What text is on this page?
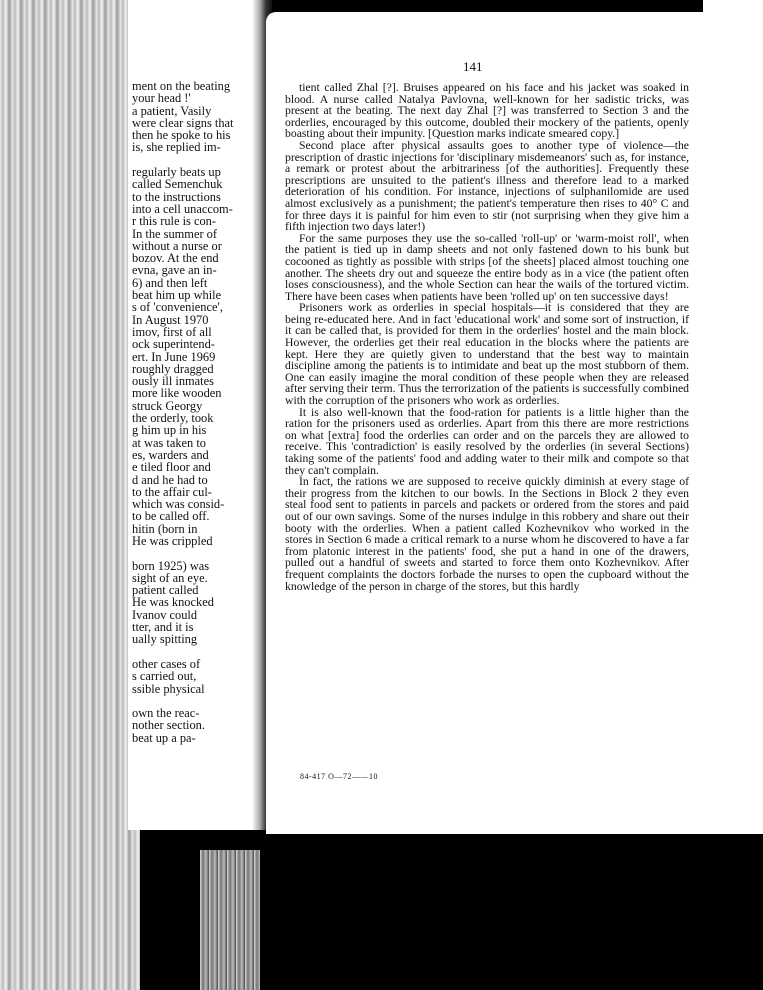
ment on the beating

your head !'

a patient, Vasily

were clear signs that

then he spoke to his

is, she replied im-

regularly beats up

called Semenchuk

to the instructions

into a cell unaccom-

r this rule is con-

In the summer of

without a nurse or

bozov. At the end

evna, gave an in-

6) and then left

beat him up while

s of 'convenience',

In August 1970

imov, first of all

ock superintend-

ert. In June 1969

roughly dragged

ously ill inmates

more like wooden

struck Georgy

the orderly, took

g him up in his

at was taken to

es, warders and

e tiled floor and

d and he had to

to the affair cul-

which was consid-

to be called off.

hitin (born in

He was crippled

born 1925) was

sight of an eye.

patient called

He was knocked

Ivanov could

tter, and it is

ually spitting

other cases of

s carried out,

ssible physical

own the reac-

nother section.

beat up a pa-

141

tient called Zhal [?]. Bruises appeared on his face and his jacket was soaked in blood. A nurse called Natalya Pavlovna, well-known for her sadistic tricks, was present at the beating. The next day Zhal [?] was transferred to Section 3 and the orderlies, encouraged by this outcome, doubled their mockery of the patients, openly boasting about their impunity. [Question marks indicate smeared copy.]

Second place after physical assaults goes to another type of violence—the prescription of drastic injections for 'disciplinary misdemeanors' such as, for instance, a remark or protest about the arbitrariness [of the authorities]. Frequently these prescriptions are unsuited to the patient's illness and therefore lead to a marked deterioration of his condition. For instance, injections of sulphanilomide are used almost exclusively as a punishment; the patient's temperature then rises to 40° C and for three days it is painful for him even to stir (not surprising when they give him a fifth injection two days later!)

For the same purposes they use the so-called 'roll-up' or 'warm-moist roll', when the patient is tied up in damp sheets and not only fastened down to his bunk but cocooned as tightly as possible with strips [of the sheets] placed almost touching one another. The sheets dry out and squeeze the entire body as in a vice (the patient often loses consciousness), and the whole Section can hear the wails of the tortured victim. There have been cases when patients have been 'rolled up' on ten successive days!

Prisoners work as orderlies in special hospitals—it is considered that they are being re-educated here. And in fact 'educational work' and some sort of instruction, if it can be called that, is provided for them in the orderlies' hostel and the main block. However, the orderlies get their real education in the blocks where the patients are kept. Here they are quietly given to understand that the best way to maintain discipline among the patients is to intimidate and beat up the most stubborn of them. One can easily imagine the moral condition of these people when they are released after serving their term. Thus the terrorization of the patients is successfully combined with the corruption of the prisoners who work as orderlies.

It is also well-known that the food-ration for patients is a little higher than the ration for the prisoners used as orderlies. Apart from this there are more restrictions on what [extra] food the orderlies can order and on the parcels they are allowed to receive. This 'contradiction' is easily resolved by the orderlies (in several Sections) taking some of the patients' food and adding water to their milk and compote so that they can't complain.

In fact, the rations we are supposed to receive quickly diminish at every stage of their progress from the kitchen to our bowls. In the Sections in Block 2 they even steal food sent to patients in parcels and packets or ordered from the stores and paid out of our own savings. Some of the nurses indulge in this robbery and share out their booty with the orderlies. When a patient called Kozhevnikov who worked in the stores in Section 6 made a critical remark to a nurse whom he discovered to have a far from platonic interest in the patients' food, she put a hand in one of the drawers, pulled out a handful of sweets and started to force them onto Kozhevnikov. After frequent complaints the doctors forbade the nurses to open the cupboard without the knowledge of the person in charge of the stores, but this hardly

84-417 O—72——10
